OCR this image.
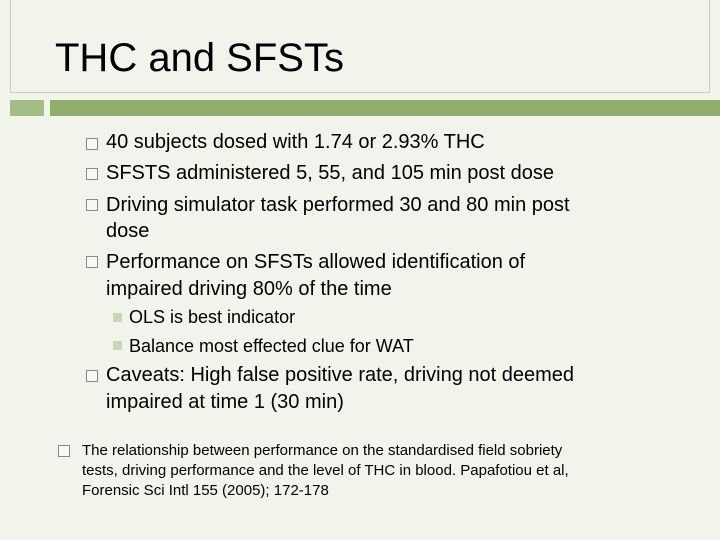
THC and SFSTs
40 subjects dosed with 1.74 or 2.93% THC
SFSTS administered 5, 55, and 105 min post dose
Driving simulator task performed 30 and 80 min post
dose
Performance on SFSTs allowed identification of
impaired driving 80% of the time
OLS is best indicator
Balance most effected clue for WAT
Caveats: High false positive rate, driving not deemed
impaired at time 1 (30 min)
The relationship between performance on the standardised field sobriety
tests, driving performance and the level of THC in blood. Papafotiou et al,
Forensic Sci Intl 155 (2005); 172-178
